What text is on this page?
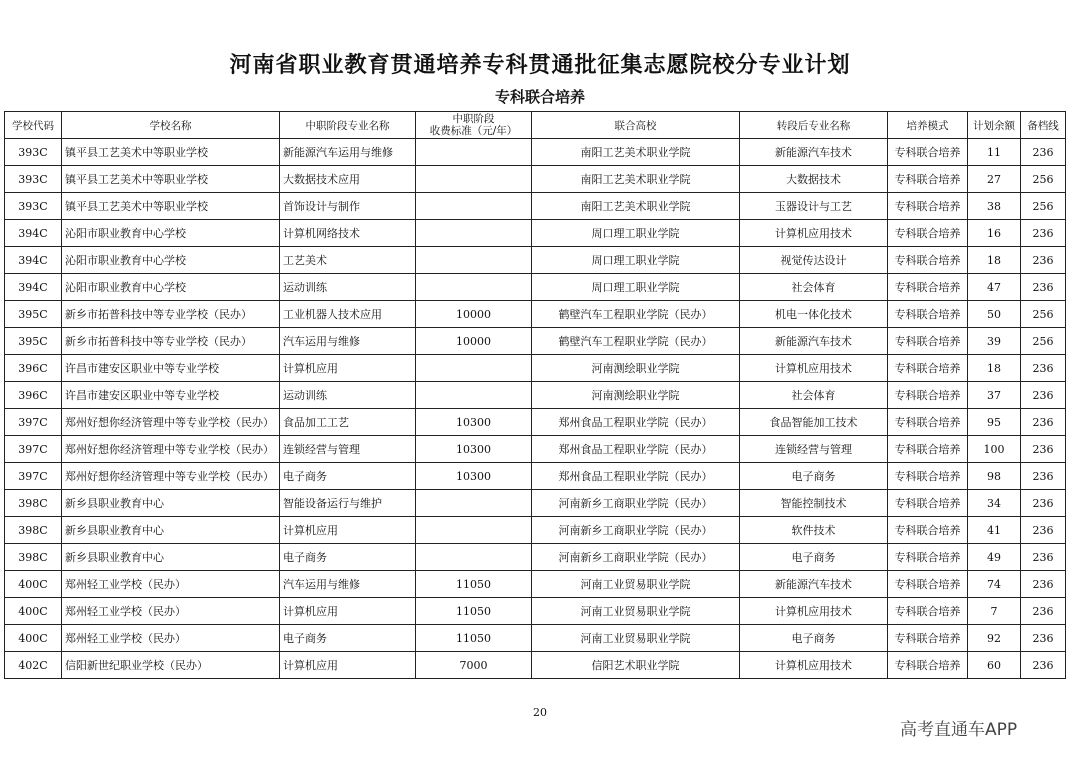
河南省职业教育贯通培养专科贯通批征集志愿院校分专业计划
专科联合培养
学校代码	学校名称	中职阶段专业名称	中职阶段
收费标准（元/年）	联合高校	转段后专业名称	培养模式	计划余额	备档线
393C	镇平县工艺美术中等职业学校	新能源汽车运用与维修		南阳工艺美术职业学院	新能源汽车技术	专科联合培养	11	236
393C	镇平县工艺美术中等职业学校	大数据技术应用		南阳工艺美术职业学院	大数据技术	专科联合培养	27	256
393C	镇平县工艺美术中等职业学校	首饰设计与制作		南阳工艺美术职业学院	玉器设计与工艺	专科联合培养	38	256
394C	沁阳市职业教育中心学校	计算机网络技术		周口理工职业学院	计算机应用技术	专科联合培养	16	236
394C	沁阳市职业教育中心学校	工艺美术		周口理工职业学院	视觉传达设计	专科联合培养	18	236
394C	沁阳市职业教育中心学校	运动训练		周口理工职业学院	社会体育	专科联合培养	47	236
395C	新乡市拓普科技中等专业学校（民办）	工业机器人技术应用	10000	鹤壁汽车工程职业学院（民办）	机电一体化技术	专科联合培养	50	256
395C	新乡市拓普科技中等专业学校（民办）	汽车运用与维修	10000	鹤壁汽车工程职业学院（民办）	新能源汽车技术	专科联合培养	39	256
396C	许昌市建安区职业中等专业学校	计算机应用		河南测绘职业学院	计算机应用技术	专科联合培养	18	236
396C	许昌市建安区职业中等专业学校	运动训练		河南测绘职业学院	社会体育	专科联合培养	37	236
397C	郑州好想你经济管理中等专业学校（民办）	食品加工工艺	10300	郑州食品工程职业学院（民办）	食品智能加工技术	专科联合培养	95	236
397C	郑州好想你经济管理中等专业学校（民办）	连锁经营与管理	10300	郑州食品工程职业学院（民办）	连锁经营与管理	专科联合培养	100	236
397C	郑州好想你经济管理中等专业学校（民办）	电子商务	10300	郑州食品工程职业学院（民办）	电子商务	专科联合培养	98	236
398C	新乡县职业教育中心	智能设备运行与维护		河南新乡工商职业学院（民办）	智能控制技术	专科联合培养	34	236
398C	新乡县职业教育中心	计算机应用		河南新乡工商职业学院（民办）	软件技术	专科联合培养	41	236
398C	新乡县职业教育中心	电子商务		河南新乡工商职业学院（民办）	电子商务	专科联合培养	49	236
400C	郑州轻工业学校（民办）	汽车运用与维修	11050	河南工业贸易职业学院	新能源汽车技术	专科联合培养	74	236
400C	郑州轻工业学校（民办）	计算机应用	11050	河南工业贸易职业学院	计算机应用技术	专科联合培养	7	236
400C	郑州轻工业学校（民办）	电子商务	11050	河南工业贸易职业学院	电子商务	专科联合培养	92	236
402C	信阳新世纪职业学校（民办）	计算机应用	7000	信阳艺术职业学院	计算机应用技术	专科联合培养	60	236
20
高考直通车APP
